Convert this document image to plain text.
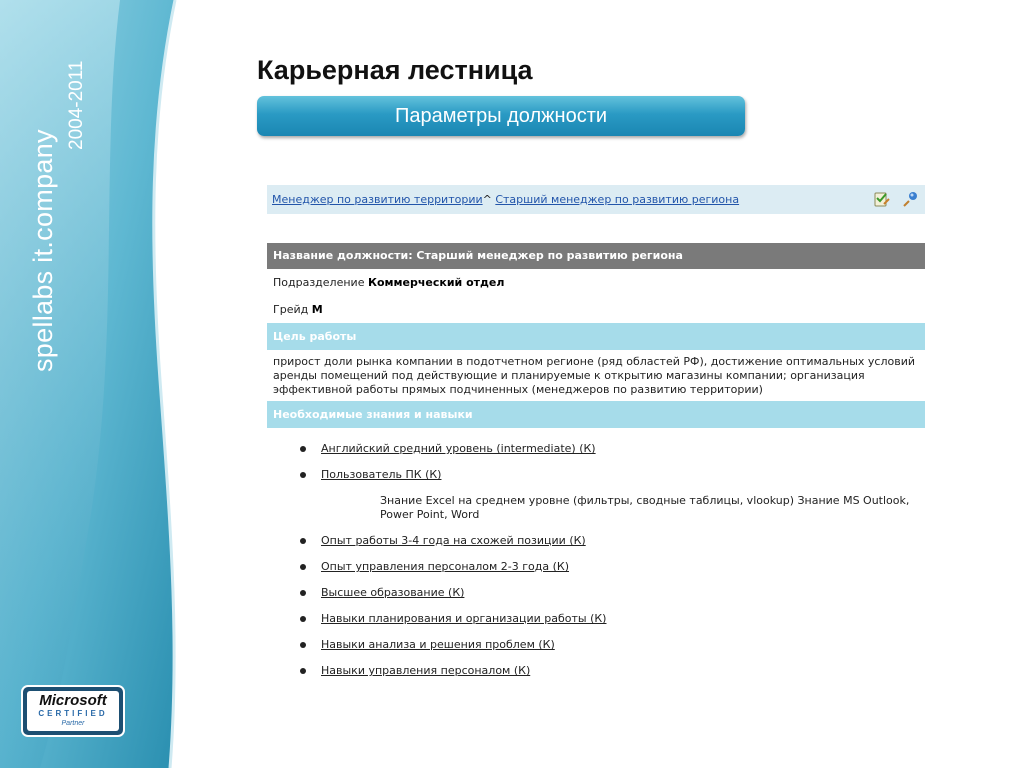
spellabs it.company
2004-2011
Microsoft
CERTIFIED
Partner
Карьерная лестница
Параметры должности
Менеджер по развитию территории ^
Старший менеджер по развитию региона
Название должности: Старший менеджер по развитию региона
Подразделение Коммерческий отдел
Грейд M
Цель работы
прирост доли рынка компании в подотчетном регионе (ряд областей РФ), достижение оптимальных условий аренды помещений под действующие и планируемые к открытию магазины компании; организация эффективной работы прямых подчиненных (менеджеров по развитию территории)
Необходимые знания и навыки
Английский средний уровень (intermediate) (К)
Пользователь ПК (К)
Знание Excel на среднем уровне (фильтры, сводные таблицы, vlookup) Знание MS Outlook, Power Point, Word
Опыт работы 3-4 года на схожей позиции (К)
Опыт управления персоналом 2-3 года (К)
Высшее образование (К)
Навыки планирования и организации работы (К)
Навыки анализа и решения проблем (К)
Навыки управления персоналом (К)
